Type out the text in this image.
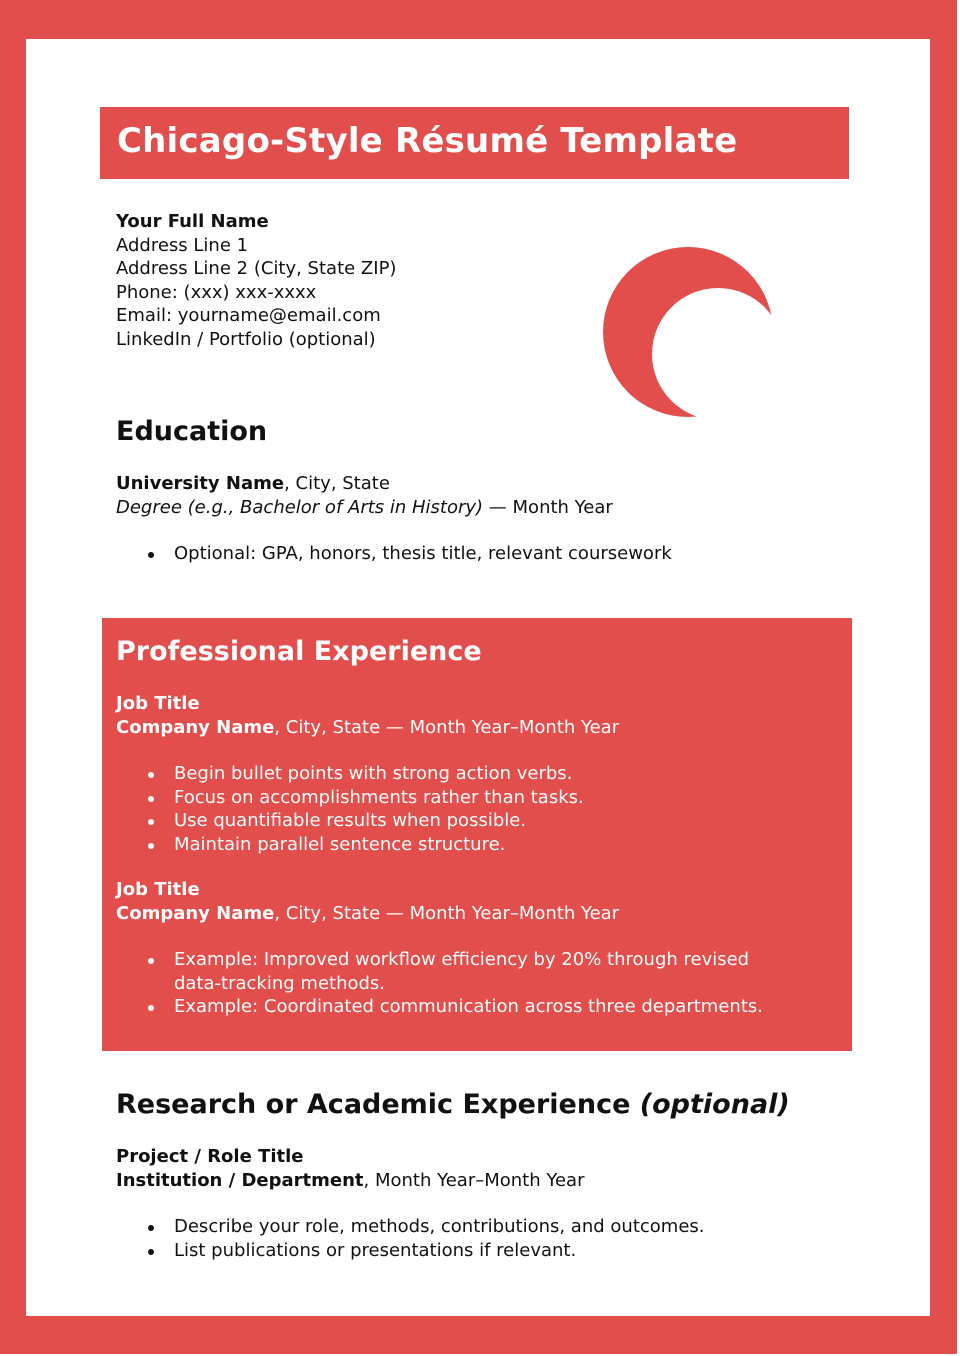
Chicago-Style Résumé Template
Your Full Name
Address Line 1
Address Line 2 (City, State ZIP)
Phone: (xxx) xxx-xxxx
Email: yourname@email.com
LinkedIn / Portfolio (optional)
Education
University Name, City, State
Degree (e.g., Bachelor of Arts in History) — Month Year
Optional: GPA, honors, thesis title, relevant coursework
Professional Experience
Job Title
Company Name, City, State — Month Year–Month Year
Begin bullet points with strong action verbs.
Focus on accomplishments rather than tasks.
Use quantifiable results when possible.
Maintain parallel sentence structure.
Job Title
Company Name, City, State — Month Year–Month Year
Example: Improved workflow efficiency by 20% through revised data-tracking methods.
Example: Coordinated communication across three departments.
Research or Academic Experience (optional)
Project / Role Title
Institution / Department, Month Year–Month Year
Describe your role, methods, contributions, and outcomes.
List publications or presentations if relevant.
